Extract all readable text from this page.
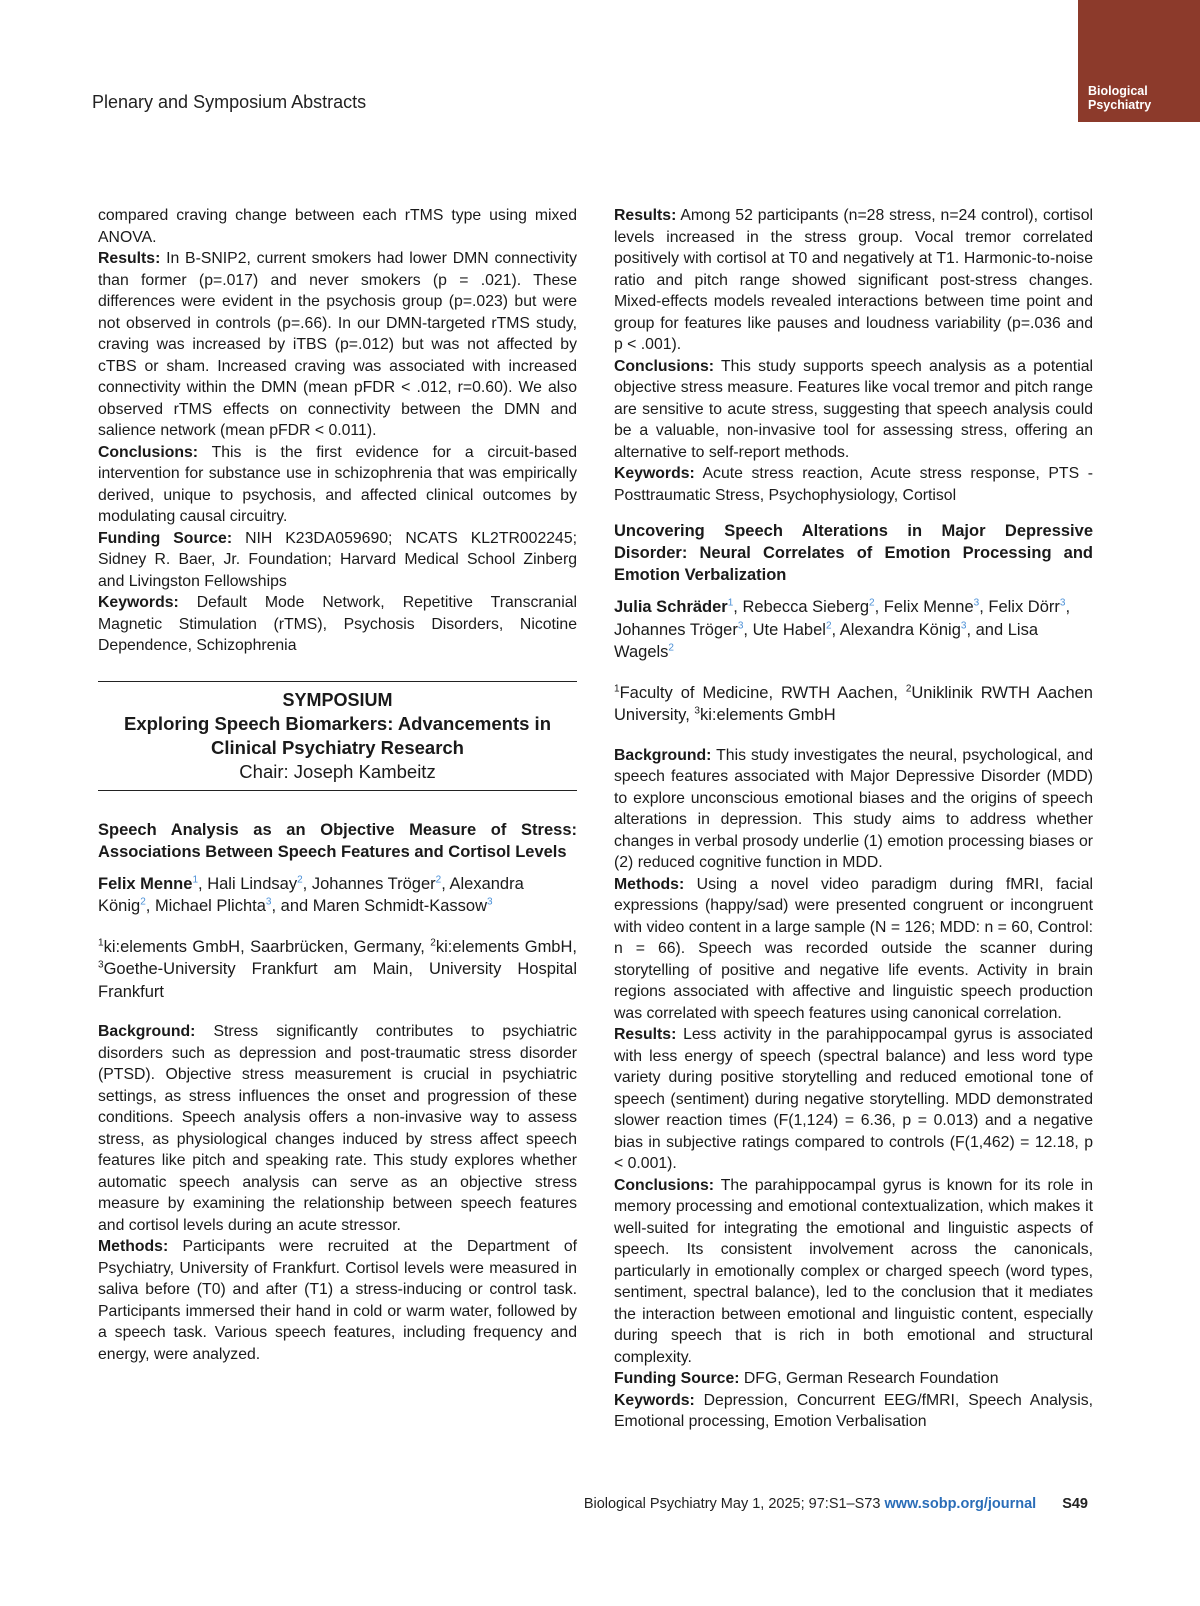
Plenary and Symposium Abstracts
Biological
Psychiatry

compared craving change between each rTMS type using mixed ANOVA.

Results: In B-SNIP2, current smokers had lower DMN connectivity than former (p=.017) and never smokers (p = .021). These differences were evident in the psychosis group (p=.023) but were not observed in controls (p=.66). In our DMN-targeted rTMS study, craving was increased by iTBS (p=.012) but was not affected by cTBS or sham. Increased craving was associated with increased connectivity within the DMN (mean pFDR < .012, r=0.60). We also observed rTMS effects on connectivity between the DMN and salience network (mean pFDR < 0.011).

Conclusions: This is the first evidence for a circuit-based intervention for substance use in schizophrenia that was empirically derived, unique to psychosis, and affected clinical outcomes by modulating causal circuitry.

Funding Source: NIH K23DA059690; NCATS KL2TR002245; Sidney R. Baer, Jr. Foundation; Harvard Medical School Zinberg and Livingston Fellowships

Keywords: Default Mode Network, Repetitive Transcranial Magnetic Stimulation (rTMS), Psychosis Disorders, Nicotine Dependence, Schizophrenia

SYMPOSIUM
Exploring Speech Biomarkers: Advancements in Clinical Psychiatry Research
Chair: Joseph Kambeitz
Speech Analysis as an Objective Measure of Stress: Associations Between Speech Features and Cortisol Levels
Felix Menne$^1$, Hali Lindsay$^2$, Johannes Tröger$^2$, Alexandra König$^2$, Michael Plichta$^3$, and Maren Schmidt-Kassow$^3$
$^1$ki:elements GmbH, Saarbrücken, Germany, $^2$ki:elements GmbH, $^3$Goethe-University Frankfurt am Main, University Hospital Frankfurt

Background: Stress significantly contributes to psychiatric disorders such as depression and post-traumatic stress disorder (PTSD). Objective stress measurement is crucial in psychiatric settings, as stress influences the onset and progression of these conditions. Speech analysis offers a non-invasive way to assess stress, as physiological changes induced by stress affect speech features like pitch and speaking rate. This study explores whether automatic speech analysis can serve as an objective stress measure by examining the relationship between speech features and cortisol levels during an acute stressor.

Methods: Participants were recruited at the Department of Psychiatry, University of Frankfurt. Cortisol levels were measured in saliva before (T0) and after (T1) a stress-inducing or control task. Participants immersed their hand in cold or warm water, followed by a speech task. Various speech features, including frequency and energy, were analyzed.

Results: Among 52 participants (n=28 stress, n=24 control), cortisol levels increased in the stress group. Vocal tremor correlated positively with cortisol at T0 and negatively at T1. Harmonic-to-noise ratio and pitch range showed significant post-stress changes. Mixed-effects models revealed interactions between time point and group for features like pauses and loudness variability (p=.036 and p < .001).

Conclusions: This study supports speech analysis as a potential objective stress measure. Features like vocal tremor and pitch range are sensitive to acute stress, suggesting that speech analysis could be a valuable, non-invasive tool for assessing stress, offering an alternative to self-report methods.

Keywords: Acute stress reaction, Acute stress response, PTS - Posttraumatic Stress, Psychophysiology, Cortisol

Uncovering Speech Alterations in Major Depressive Disorder: Neural Correlates of Emotion Processing and Emotion Verbalization
Julia Schräder$^1$, Rebecca Sieberg$^2$, Felix Menne$^3$, Felix Dörr$^3$, Johannes Tröger$^3$, Ute Habel$^2$, Alexandra König$^3$, and Lisa Wagels$^2$
$^1$Faculty of Medicine, RWTH Aachen, $^2$Uniklinik RWTH Aachen University, $^3$ki:elements GmbH

Background: This study investigates the neural, psychological, and speech features associated with Major Depressive Disorder (MDD) to explore unconscious emotional biases and the origins of speech alterations in depression. This study aims to address whether changes in verbal prosody underlie (1) emotion processing biases or (2) reduced cognitive function in MDD.

Methods: Using a novel video paradigm during fMRI, facial expressions (happy/sad) were presented congruent or incongruent with video content in a large sample (N = 126; MDD: n = 60, Control: n = 66). Speech was recorded outside the scanner during storytelling of positive and negative life events. Activity in brain regions associated with affective and linguistic speech production was correlated with speech features using canonical correlation.

Results: Less activity in the parahippocampal gyrus is associated with less energy of speech (spectral balance) and less word type variety during positive storytelling and reduced emotional tone of speech (sentiment) during negative storytelling. MDD demonstrated slower reaction times (F(1,124) = 6.36, p = 0.013) and a negative bias in subjective ratings compared to controls (F(1,462) = 12.18, p < 0.001).

Conclusions: The parahippocampal gyrus is known for its role in memory processing and emotional contextualization, which makes it well-suited for integrating the emotional and linguistic aspects of speech. Its consistent involvement across the canonicals, particularly in emotionally complex or charged speech (word types, sentiment, spectral balance), led to the conclusion that it mediates the interaction between emotional and linguistic content, especially during speech that is rich in both emotional and structural complexity.

Funding Source: DFG, German Research Foundation

Keywords: Depression, Concurrent EEG/fMRI, Speech Analysis, Emotional processing, Emotion Verbalisation

Biological Psychiatry May 1, 2025; 97:S1–S73 www.sobp.org/journal S49
